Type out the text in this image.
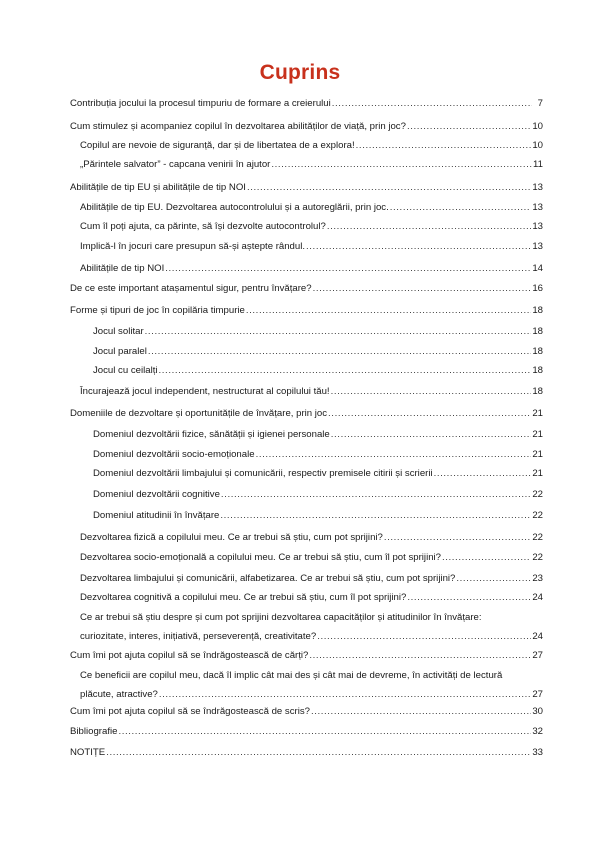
Cuprins
Contribuția jocului la procesul timpuriu de formare a creierului .....	7
Cum stimulez și acompaniez copilul în dezvoltarea abilităților de viață, prin joc? .....	10
Copilul are nevoie de siguranță, dar și de libertatea de a explora! .....	10
„Părintele salvator” - capcana venirii în ajutor .....	11
Abilitățile de tip EU și abilitățile de tip NOI .....	13
Abilitățile de tip EU. Dezvoltarea autocontrolului și a autoreglării, prin joc. .....	13
Cum îl poți ajuta, ca părinte, să își dezvolte autocontrolul? .....	13
Implică-l în jocuri care presupun să-și aștepte rândul. .....	13
Abilitățile de tip NOI .....	14
De ce este important atașamentul sigur, pentru învățare? .....	16
Forme și tipuri de joc în copilăria timpurie .....	18
Jocul solitar .....	18
Jocul paralel .....	18
Jocul cu ceilalți .....	18
Încurajează jocul independent, nestructurat al copilului tău! .....	18
Domeniile de dezvoltare și oportunitățile de învățare, prin joc .....	21
Domeniul dezvoltării fizice, sănătății și igienei personale .....	21
Domeniul dezvoltării socio-emoționale .....	21
Domeniul dezvoltării limbajului și comunicării, respectiv premisele citirii și scrierii .....	21
Domeniul dezvoltării cognitive .....	22
Domeniul atitudinii în învățare .....	22
Dezvoltarea fizică a copilului meu. Ce ar trebui să știu, cum pot sprijini? .....	22
Dezvoltarea socio-emoțională a copilului meu. Ce ar trebui să știu, cum îl pot sprijini? .....	22
Dezvoltarea limbajului și comunicării, alfabetizarea. Ce ar trebui să știu, cum pot sprijini? .....	23
Dezvoltarea cognitivă a copilului meu. Ce ar trebui să știu, cum îl pot sprijini? .....	24
Ce ar trebui să știu despre și cum pot sprijini dezvoltarea capacităților și atitudinilor în învățare:
curiozitate, interes, inițiativă, perseverență, creativitate? .....	24
Cum îmi pot ajuta copilul să se îndrăgostească de cărți? .....	27
Ce beneficii are copilul meu, dacă îl implic cât mai des și cât mai de devreme, în activități de lectură
plăcute, atractive? .....	27
Cum îmi pot ajuta copilul să se îndrăgostească de scris? .....	30
Bibliografie .....	32
NOTIȚE .....	33
